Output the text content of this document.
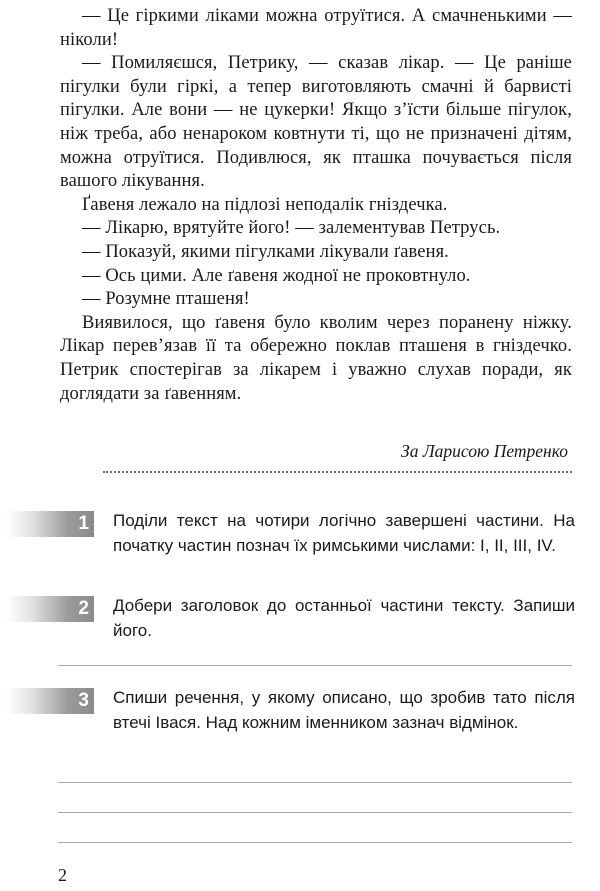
— Це гіркими ліками можна отруїтися. А смачненькими — ніколи!

— Помиляєшся, Петрику, — сказав лікар. — Це раніше пігулки були гіркі, а тепер виготовляють смачні й барвисті пігулки. Але вони — не цукерки! Якщо з’їсти більше пігулок, ніж треба, або ненароком ковтнути ті, що не призначені дітям, можна отруїтися. Подивлюся, як пташка почувається після вашого лікування.

Ґавеня лежало на підлозі неподалік гніздечка.

— Лікарю, врятуйте його! — залементував Петрусь.

— Показуй, якими пігулками лікували ґавеня.

— Ось цими. Але ґавеня жодної не проковтнуло.

— Розумне пташеня!

Виявилося, що ґавеня було кволим через поранену ніжку. Лікар перев’язав її та обережно поклав пташеня в гніздечко. Петрик спостерігав за лікарем і уважно слухав поради, як доглядати за ґавенням.

За Ларисою Петренко
1 Поділи текст на чотири логічно завершені частини. На початку частин познач їх римськими числами: I, II, III, IV.

2 Добери заголовок до останньої частини тексту. Запиши його.

3 Спиши речення, у якому описано, що зробив тато після втечі Івася. Над кожним іменником зазнач відмінок.

2
